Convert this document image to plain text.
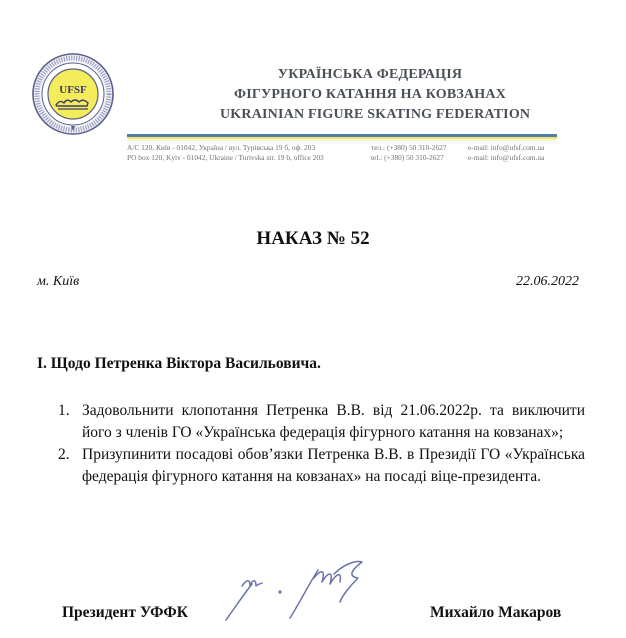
UFSF
УКРАЇНСЬКА ФЕДЕРАЦІЯ
ФІГУРНОГО КАТАННЯ НА КОВЗАНАХ
UKRAINIAN FIGURE SKATING FEDERATION
А/С 120, Київ - 01042, Україна / вул. Турівська 19 б, оф. 203
PO box 120, Kyiv - 01042, Ukraine / Turivska str. 19 b, office 203
тел.: (+380) 50 310-2627
tel.: (+380) 50 310-2627
e-mail: info@ufsf.com.ua
e-mail: info@ufsf.com.ua
НАКАЗ № 52
м. Київ	22.06.2022
I. Щодо Петренка Віктора Васильовича.
1. Задовольнити клопотання Петренка В.В. від 21.06.2022р. та виключити його з членів ГО «Українська федерація фігурного катання на ковзанах»;
2. Призупинити посадові обов’язки Петренка В.В. в Президії ГО «Українська федерація фігурного катання на ковзанах» на посаді віце-президента.
Президент УФФК	Михайло Макаров
